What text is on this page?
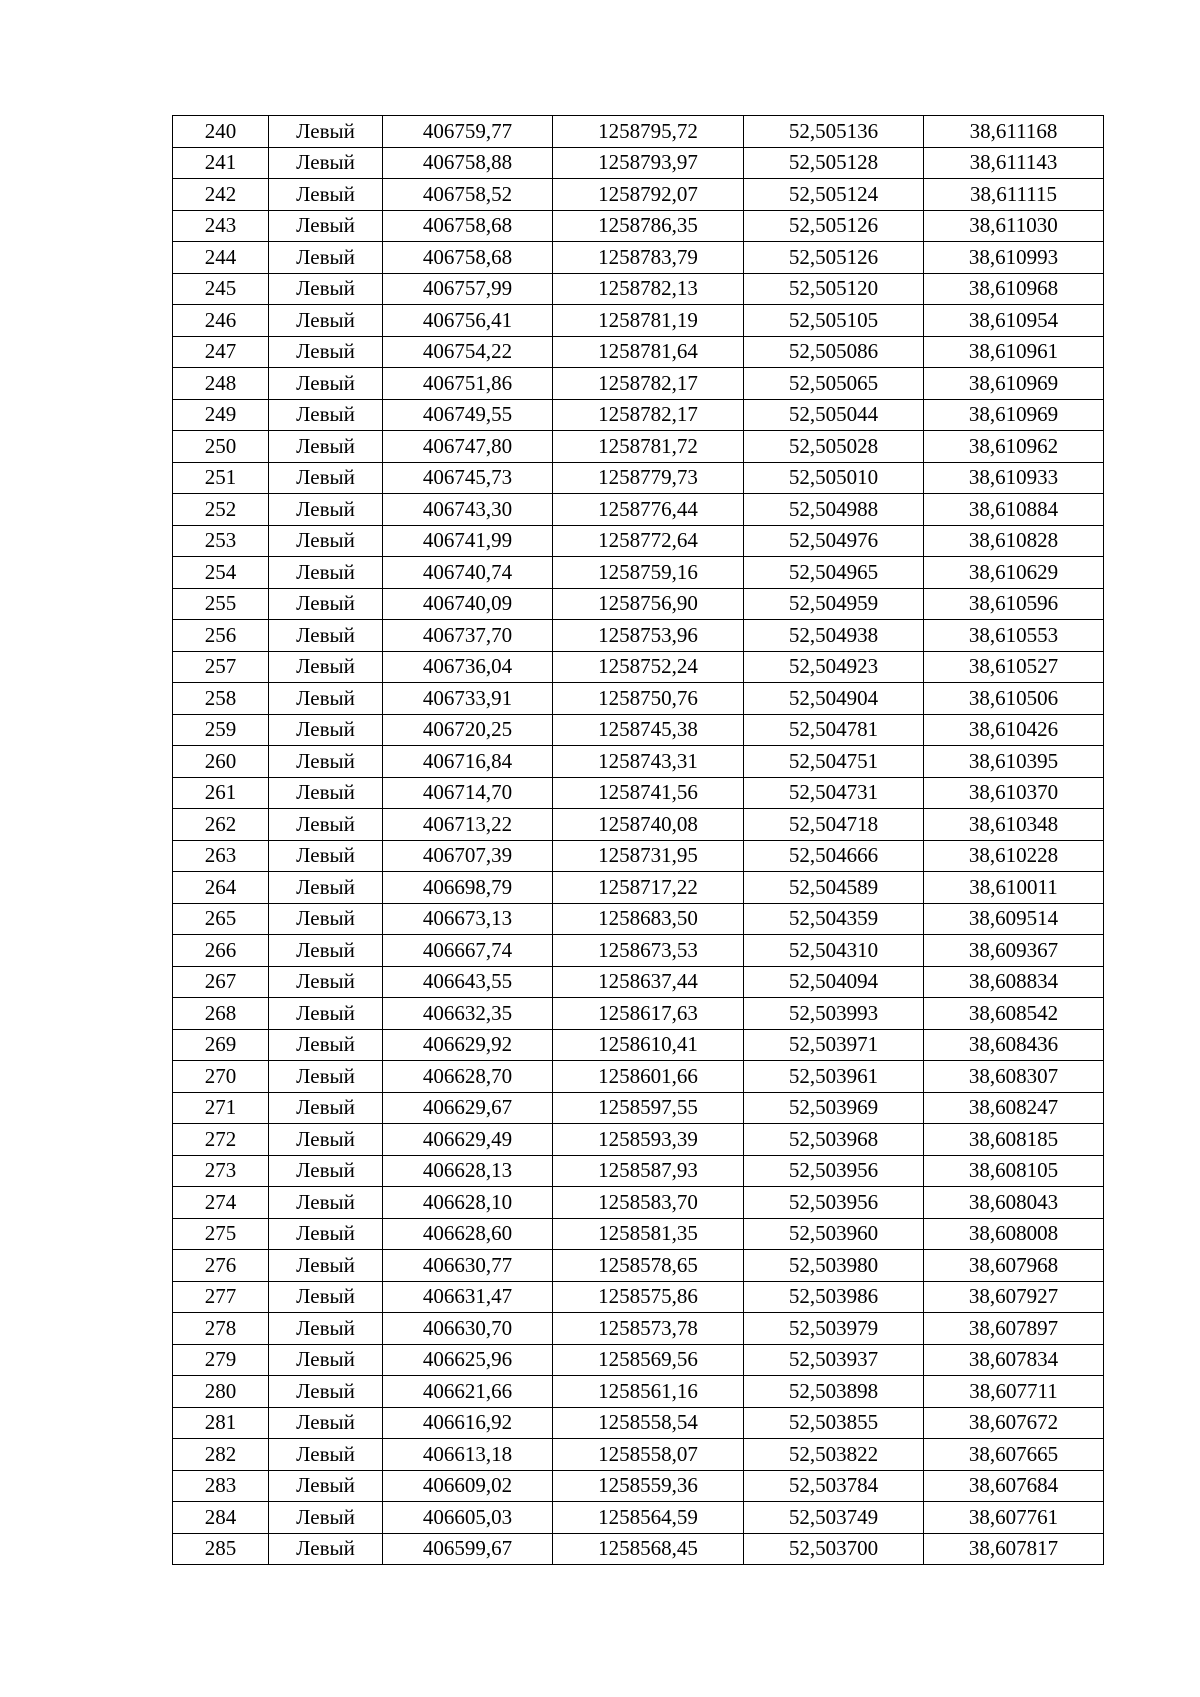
240	Левый	406759,77	1258795,72	52,505136	38,611168
241	Левый	406758,88	1258793,97	52,505128	38,611143
242	Левый	406758,52	1258792,07	52,505124	38,611115
243	Левый	406758,68	1258786,35	52,505126	38,611030
244	Левый	406758,68	1258783,79	52,505126	38,610993
245	Левый	406757,99	1258782,13	52,505120	38,610968
246	Левый	406756,41	1258781,19	52,505105	38,610954
247	Левый	406754,22	1258781,64	52,505086	38,610961
248	Левый	406751,86	1258782,17	52,505065	38,610969
249	Левый	406749,55	1258782,17	52,505044	38,610969
250	Левый	406747,80	1258781,72	52,505028	38,610962
251	Левый	406745,73	1258779,73	52,505010	38,610933
252	Левый	406743,30	1258776,44	52,504988	38,610884
253	Левый	406741,99	1258772,64	52,504976	38,610828
254	Левый	406740,74	1258759,16	52,504965	38,610629
255	Левый	406740,09	1258756,90	52,504959	38,610596
256	Левый	406737,70	1258753,96	52,504938	38,610553
257	Левый	406736,04	1258752,24	52,504923	38,610527
258	Левый	406733,91	1258750,76	52,504904	38,610506
259	Левый	406720,25	1258745,38	52,504781	38,610426
260	Левый	406716,84	1258743,31	52,504751	38,610395
261	Левый	406714,70	1258741,56	52,504731	38,610370
262	Левый	406713,22	1258740,08	52,504718	38,610348
263	Левый	406707,39	1258731,95	52,504666	38,610228
264	Левый	406698,79	1258717,22	52,504589	38,610011
265	Левый	406673,13	1258683,50	52,504359	38,609514
266	Левый	406667,74	1258673,53	52,504310	38,609367
267	Левый	406643,55	1258637,44	52,504094	38,608834
268	Левый	406632,35	1258617,63	52,503993	38,608542
269	Левый	406629,92	1258610,41	52,503971	38,608436
270	Левый	406628,70	1258601,66	52,503961	38,608307
271	Левый	406629,67	1258597,55	52,503969	38,608247
272	Левый	406629,49	1258593,39	52,503968	38,608185
273	Левый	406628,13	1258587,93	52,503956	38,608105
274	Левый	406628,10	1258583,70	52,503956	38,608043
275	Левый	406628,60	1258581,35	52,503960	38,608008
276	Левый	406630,77	1258578,65	52,503980	38,607968
277	Левый	406631,47	1258575,86	52,503986	38,607927
278	Левый	406630,70	1258573,78	52,503979	38,607897
279	Левый	406625,96	1258569,56	52,503937	38,607834
280	Левый	406621,66	1258561,16	52,503898	38,607711
281	Левый	406616,92	1258558,54	52,503855	38,607672
282	Левый	406613,18	1258558,07	52,503822	38,607665
283	Левый	406609,02	1258559,36	52,503784	38,607684
284	Левый	406605,03	1258564,59	52,503749	38,607761
285	Левый	406599,67	1258568,45	52,503700	38,607817
